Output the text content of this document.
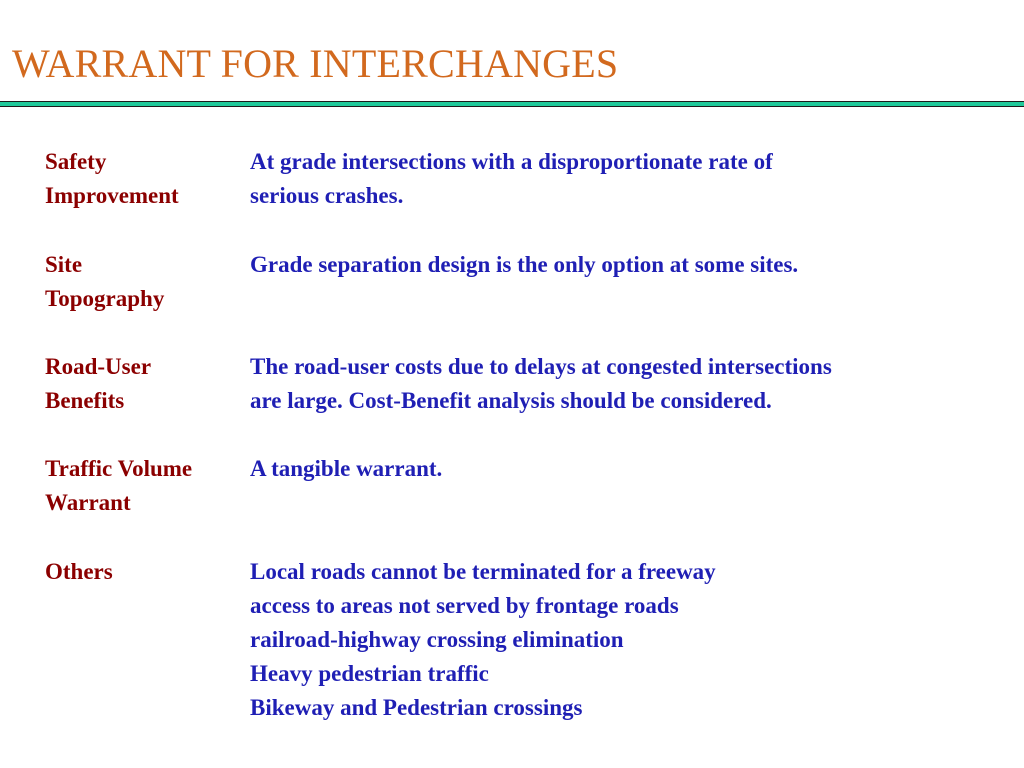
WARRANT FOR INTERCHANGES
Safety
Improvement
At grade intersections with a disproportionate rate of
serious crashes.
Site
Topography
Grade separation design is the only option at some sites.
Road-User
Benefits
The road-user costs due to delays at congested intersections
are large. Cost-Benefit analysis should be considered.
Traffic Volume
Warrant
A tangible warrant.
Others	Local roads cannot be terminated for a freeway
access to areas not served by frontage roads
railroad-highway crossing elimination
Heavy pedestrian traffic
Bikeway and Pedestrian crossings
